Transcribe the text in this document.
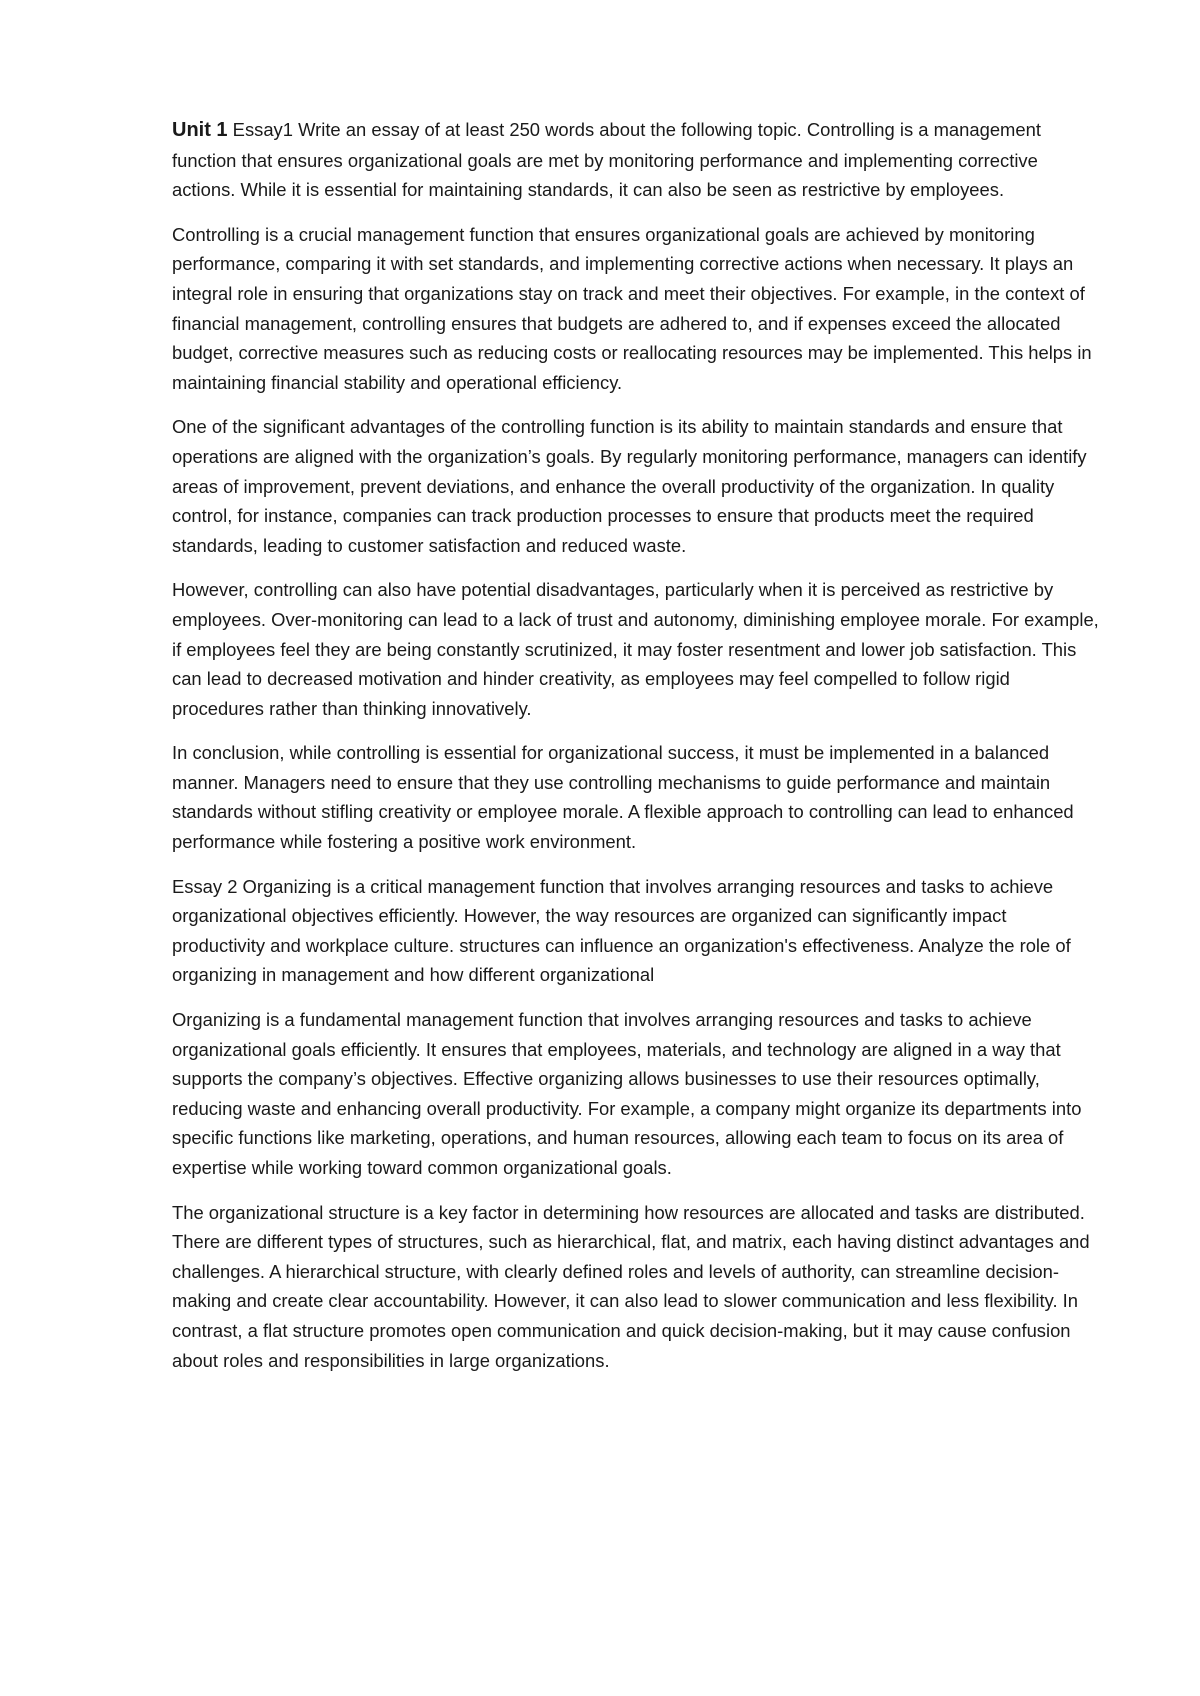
Unit 1 Essay1 Write an essay of at least 250 words about the following topic. Controlling is a management function that ensures organizational goals are met by monitoring performance and implementing corrective actions. While it is essential for maintaining standards, it can also be seen as restrictive by employees.

Controlling is a crucial management function that ensures organizational goals are achieved by monitoring performance, comparing it with set standards, and implementing corrective actions when necessary. It plays an integral role in ensuring that organizations stay on track and meet their objectives. For example, in the context of financial management, controlling ensures that budgets are adhered to, and if expenses exceed the allocated budget, corrective measures such as reducing costs or reallocating resources may be implemented. This helps in maintaining financial stability and operational efficiency.

One of the significant advantages of the controlling function is its ability to maintain standards and ensure that operations are aligned with the organization’s goals. By regularly monitoring performance, managers can identify areas of improvement, prevent deviations, and enhance the overall productivity of the organization. In quality control, for instance, companies can track production processes to ensure that products meet the required standards, leading to customer satisfaction and reduced waste.

However, controlling can also have potential disadvantages, particularly when it is perceived as restrictive by employees. Over-monitoring can lead to a lack of trust and autonomy, diminishing employee morale. For example, if employees feel they are being constantly scrutinized, it may foster resentment and lower job satisfaction. This can lead to decreased motivation and hinder creativity, as employees may feel compelled to follow rigid procedures rather than thinking innovatively.

In conclusion, while controlling is essential for organizational success, it must be implemented in a balanced manner. Managers need to ensure that they use controlling mechanisms to guide performance and maintain standards without stifling creativity or employee morale. A flexible approach to controlling can lead to enhanced performance while fostering a positive work environment.

Essay 2 Organizing is a critical management function that involves arranging resources and tasks to achieve organizational objectives efficiently. However, the way resources are organized can significantly impact productivity and workplace culture. structures can influence an organization's effectiveness. Analyze the role of organizing in management and how different organizational

Organizing is a fundamental management function that involves arranging resources and tasks to achieve organizational goals efficiently. It ensures that employees, materials, and technology are aligned in a way that supports the company’s objectives. Effective organizing allows businesses to use their resources optimally, reducing waste and enhancing overall productivity. For example, a company might organize its departments into specific functions like marketing, operations, and human resources, allowing each team to focus on its area of expertise while working toward common organizational goals.

The organizational structure is a key factor in determining how resources are allocated and tasks are distributed. There are different types of structures, such as hierarchical, flat, and matrix, each having distinct advantages and challenges. A hierarchical structure, with clearly defined roles and levels of authority, can streamline decision-making and create clear accountability. However, it can also lead to slower communication and less flexibility. In contrast, a flat structure promotes open communication and quick decision-making, but it may cause confusion about roles and responsibilities in large organizations.
